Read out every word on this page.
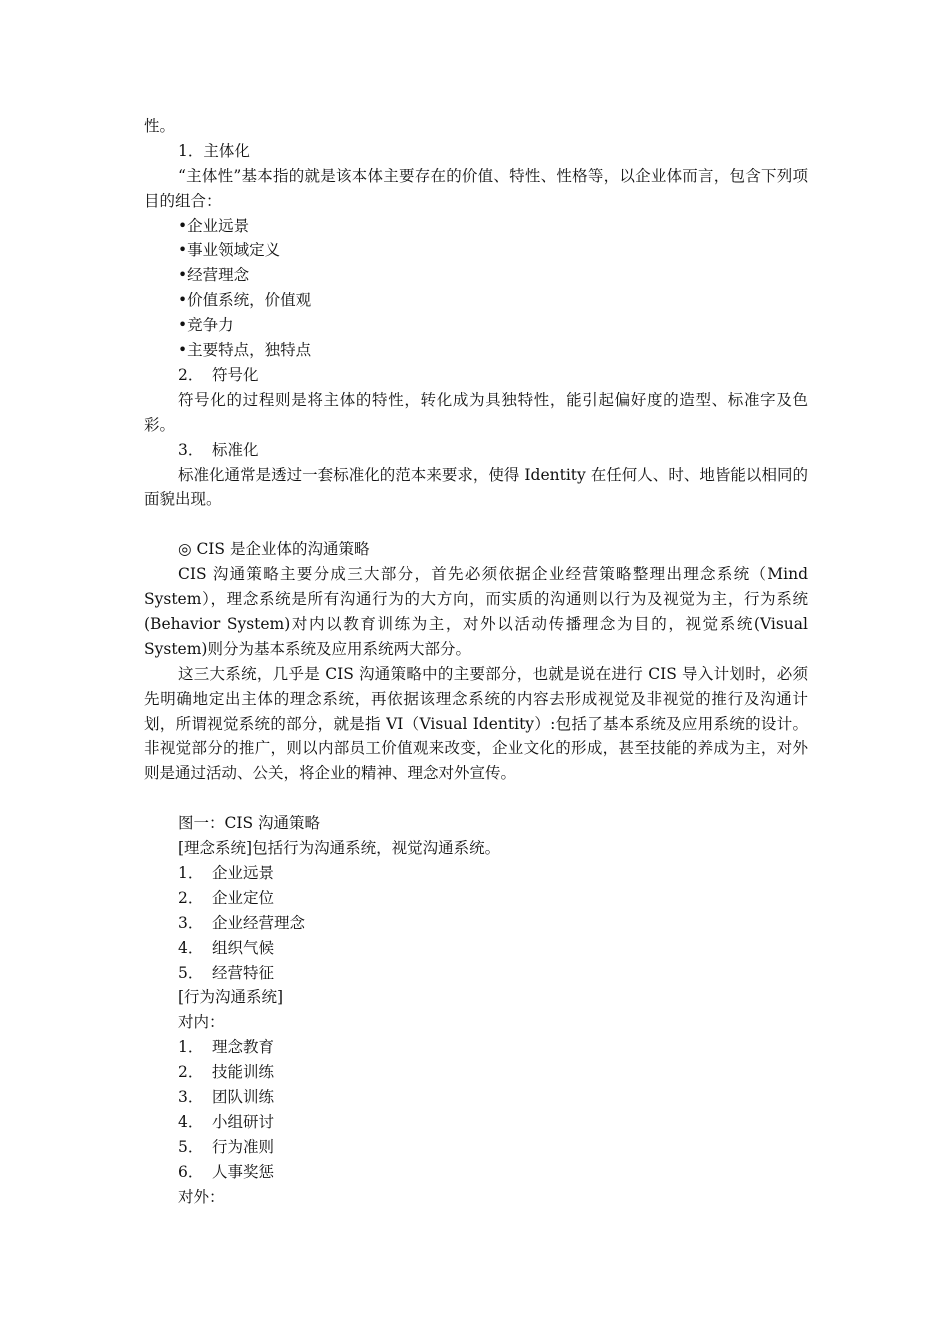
性。
1．主体化
“主体性”基本指的就是该本体主要存在的价值、特性、性格等，以企业体而言，包含下列项目的组合：
•企业远景
•事业领域定义
•经营理念
•价值系统，价值观
•竞争力
•主要特点，独特点
2． 符号化
符号化的过程则是将主体的特性，转化成为具独特性，能引起偏好度的造型、标准字及色彩。
3． 标准化
标准化通常是透过一套标准化的范本来要求，使得 Identity 在任何人、时、地皆能以相同的面貌出现。
◎ CIS 是企业体的沟通策略
CIS 沟通策略主要分成三大部分，首先必须依据企业经营策略整理出理念系统（Mind System），理念系统是所有沟通行为的大方向，而实质的沟通则以行为及视觉为主，行为系统(Behavior System)对内以教育训练为主，对外以活动传播理念为目的，视觉系统(Visual System)则分为基本系统及应用系统两大部分。
这三大系统，几乎是 CIS 沟通策略中的主要部分，也就是说在进行 CIS 导入计划时，必须先明确地定出主体的理念系统，再依据该理念系统的内容去形成视觉及非视觉的推行及沟通计划，所谓视觉系统的部分，就是指 VI（Visual Identity）:包括了基本系统及应用系统的设计。非视觉部分的推广，则以内部员工价值观来改变，企业文化的形成，甚至技能的养成为主，对外则是通过活动、公关，将企业的精神、理念对外宣传。
图一：CIS 沟通策略
[理念系统]包括行为沟通系统，视觉沟通系统。
1． 企业远景
2． 企业定位
3． 企业经营理念
4． 组织气候
5． 经营特征
[行为沟通系统]
对内：
1． 理念教育
2． 技能训练
3． 团队训练
4． 小组研讨
5． 行为准则
6． 人事奖惩
对外：
